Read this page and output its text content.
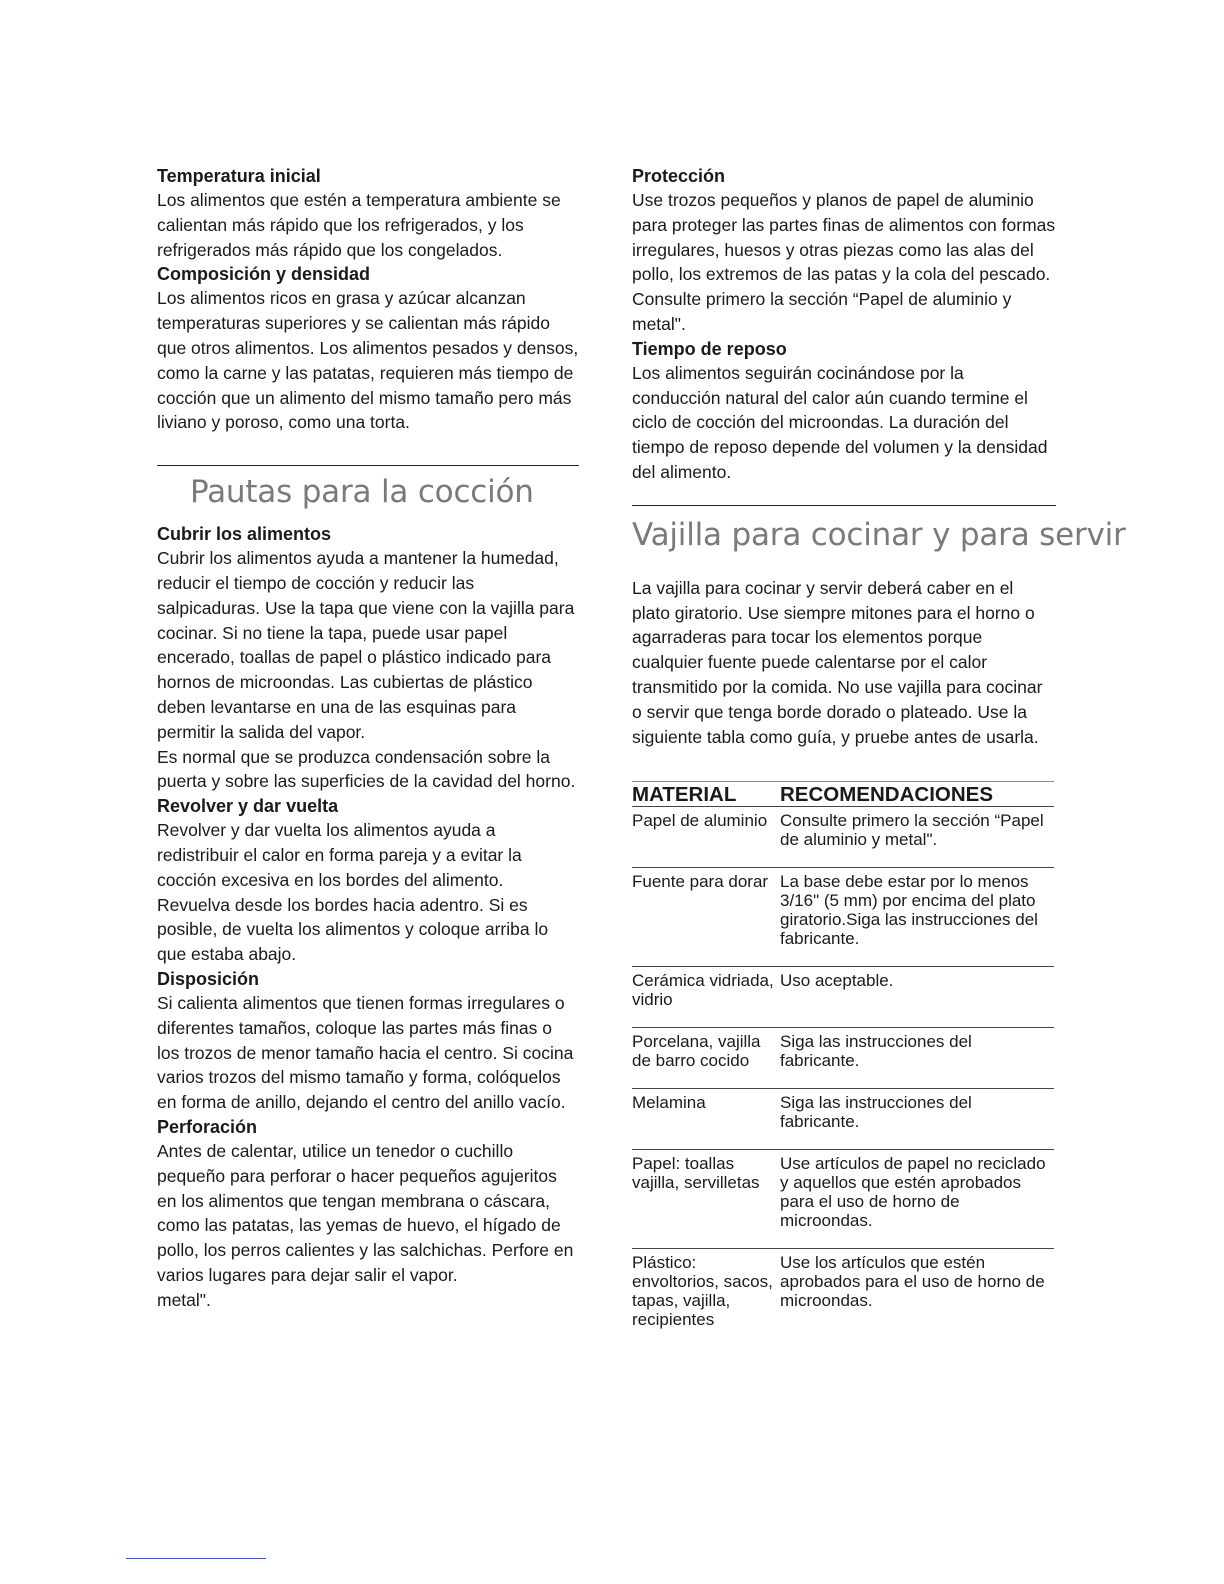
Temperatura inicial

Los alimentos que estén a temperatura ambiente se calientan más rápido que los refrigerados, y los refrigerados más rápido que los congelados.

Composición y densidad

Los alimentos ricos en grasa y azúcar alcanzan temperaturas superiores y se calientan más rápido que otros alimentos. Los alimentos pesados y densos, como la carne y las patatas, requieren más tiempo de cocción que un alimento del mismo tamaño pero más liviano y poroso, como una torta.

Pautas para la cocción

Cubrir los alimentos

Cubrir los alimentos ayuda a mantener la humedad, reducir el tiempo de cocción y reducir las salpicaduras. Use la tapa que viene con la vajilla para cocinar. Si no tiene la tapa, puede usar papel encerado, toallas de papel o plástico indicado para hornos de microondas. Las cubiertas de plástico deben levantarse en una de las esquinas para permitir la salida del vapor.

Es normal que se produzca condensación sobre la puerta y sobre las superficies de la cavidad del horno.

Revolver y dar vuelta

Revolver y dar vuelta los alimentos ayuda a redistribuir el calor en forma pareja y a evitar la cocción excesiva en los bordes del alimento. Revuelva desde los bordes hacia adentro. Si es posible, de vuelta los alimentos y coloque arriba lo que estaba abajo.

Disposición

Si calienta alimentos que tienen formas irregulares o diferentes tamaños, coloque las partes más finas o los trozos de menor tamaño hacia el centro. Si cocina varios trozos del mismo tamaño y forma, colóquelos en forma de anillo, dejando el centro del anillo vacío.

Perforación

Antes de calentar, utilice un tenedor o cuchillo pequeño para perforar o hacer pequeños agujeritos en los alimentos que tengan membrana o cáscara, como las patatas, las yemas de huevo, el hígado de pollo, los perros calientes y las salchichas. Perfore en varios lugares para dejar salir el vapor.

metal".

Protección

Use trozos pequeños y planos de papel de aluminio para proteger las partes finas de alimentos con formas irregulares, huesos y otras piezas como las alas del pollo, los extremos de las patas y la cola del pescado. Consulte primero la sección “Papel de aluminio y metal".

Tiempo de reposo

Los alimentos seguirán cocinándose por la conducción natural del calor aún cuando termine el ciclo de cocción del microondas. La duración del tiempo de reposo depende del volumen y la densidad del alimento.

Vajilla para cocinar y para servir

La vajilla para cocinar y servir deberá caber en el plato giratorio. Use siempre mitones para el horno o agarraderas para tocar los elementos porque cualquier fuente puede calentarse por el calor transmitido por la comida. No use vajilla para cocinar o servir que tenga borde dorado o plateado. Use la siguiente tabla como guía, y pruebe antes de usarla.

MATERIAL	RECOMENDACIONES
Papel de aluminio	Consulte primero la sección “Papel de aluminio y metal".
Fuente para dorar	La base debe estar por lo menos 3/16" (5 mm) por encima del plato giratorio.Siga las instrucciones del fabricante.
Cerámica vidriada, vidrio	Uso aceptable.
Porcelana, vajilla de barro cocido	Siga las instrucciones del fabricante.
Melamina	Siga las instrucciones del fabricante.
Papel: toallas vajilla, servilletas	Use artículos de papel no reciclado y aquellos que estén aprobados para el uso de horno de microondas.
Plástico: envoltorios, sacos, tapas, vajilla, recipientes	Use los artículos que estén aprobados para el uso de horno de microondas.
